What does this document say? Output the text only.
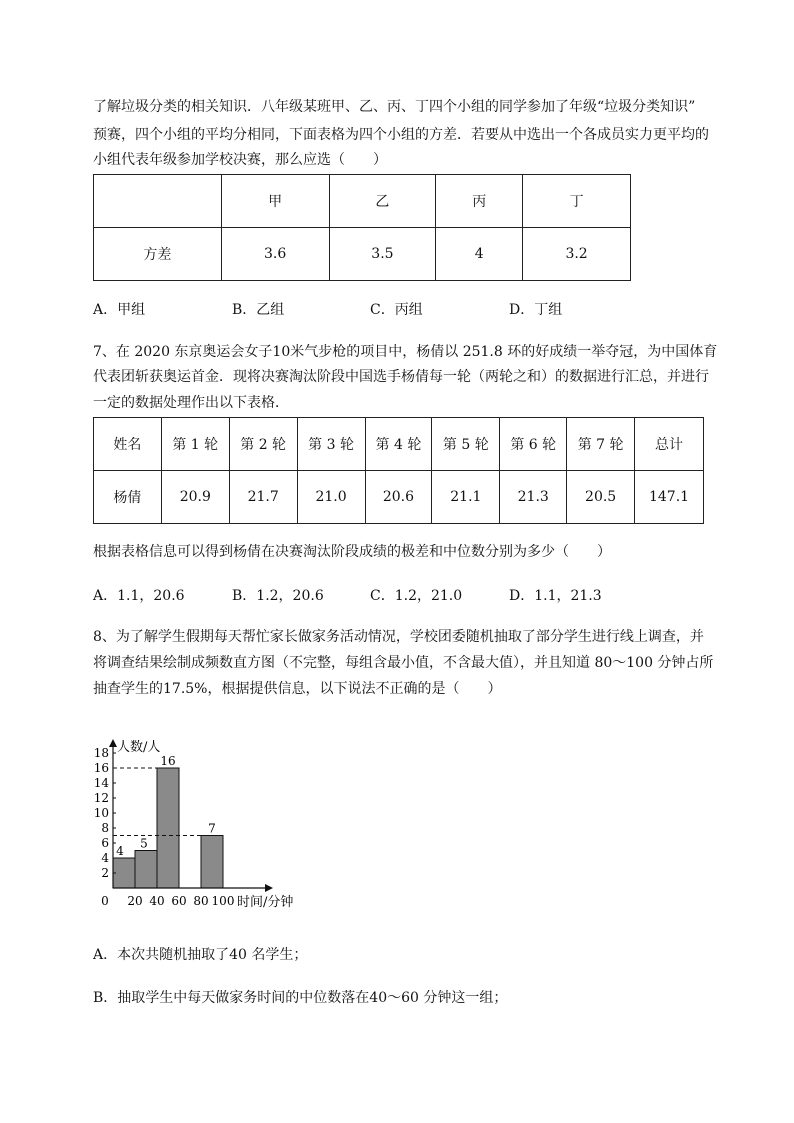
了解垃圾分类的相关知识．八年级某班甲、乙、丙、丁四个小组的同学参加了年级“垃圾分类知识”
预赛，四个小组的平均分相同，下面表格为四个小组的方差．若要从中选出一个各成员实力更平均的
小组代表年级参加学校决赛，那么应选（　　）
	甲	乙	丙	丁
方差	3.6	3.5	4	3.2
A．甲组	B．乙组	C．丙组	D．丁组
7、在 2020 东京奥运会女子10米气步枪的项目中，杨倩以 251.8 环的好成绩一举夺冠，为中国体育
代表团斩获奥运首金．现将决赛淘汰阶段中国选手杨倩每一轮（两轮之和）的数据进行汇总，并进行
一定的数据处理作出以下表格．
姓名	第 1 轮	第 2 轮	第 3 轮	第 4 轮	第 5 轮	第 6 轮	第 7 轮	总计
杨倩	20.9	21.7	21.0	20.6	21.1	21.3	20.5	147.1
根据表格信息可以得到杨倩在决赛淘汰阶段成绩的极差和中位数分别为多少（　　）
A．1.1，20.6	B．1.2，20.6	C．1.2，21.0	D．1.1，21.3
8、为了解学生假期每天帮忙家长做家务活动情况，学校团委随机抽取了部分学生进行线上调查，并
将调查结果绘制成频数直方图（不完整，每组含最小值，不含最大值），并且知道 80～100 分钟占所
抽查学生的17.5%，根据提供信息，以下说法不正确的是（　　）
4
5
16
7
2
4
6
8
10
12
14
16
18
0 20 40 60 80 100
人数/人
时间/分钟
A．本次共随机抽取了40 名学生；
B．抽取学生中每天做家务时间的中位数落在40～60 分钟这一组；
